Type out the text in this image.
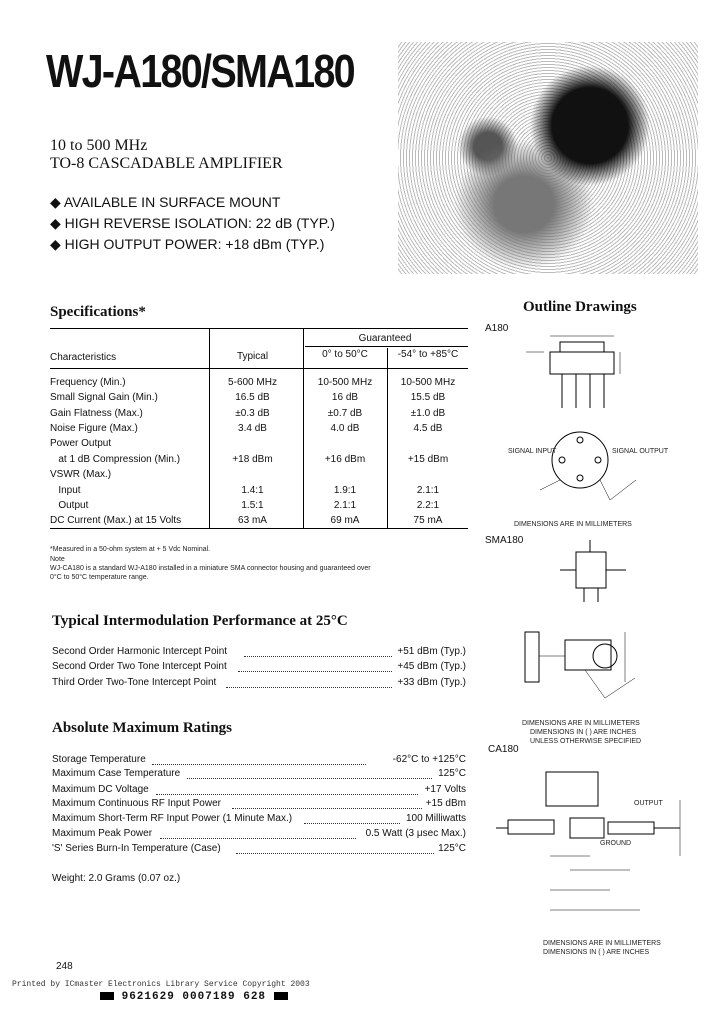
WJ-A180/SMA180
10 to 500 MHz
TO-8 CASCADABLE AMPLIFIER
◆ AVAILABLE IN SURFACE MOUNT
◆ HIGH REVERSE ISOLATION: 22 dB (TYP.)
◆ HIGH OUTPUT POWER: +18 dBm (TYP.)
Specifications*
Guaranteed
Characteristics	Typical	0° to 50°C	-54° to +85°C
Frequency (Min.)	5-600 MHz	10-500 MHz	10-500 MHz
Small Signal Gain (Min.)	16.5 dB	16 dB	15.5 dB
Gain Flatness (Max.)	±0.3 dB	±0.7 dB	±1.0 dB
Noise Figure (Max.)	3.4 dB	4.0 dB	4.5 dB
Power Output
at 1 dB Compression (Min.)	+18 dBm	+16 dBm	+15 dBm
VSWR (Max.)
Input	1.4:1	1.9:1	2.1:1
Output	1.5:1	2.1:1	2.2:1
DC Current (Max.) at 15 Volts	63 mA	69 mA	75 mA
*Measured in a 50-ohm system at + 5 Vdc Nominal.
Note
WJ-CA180 is a standard WJ-A180 installed in a miniature SMA connector housing and guaranteed over
0°C to 50°C temperature range.
Typical Intermodulation Performance at 25°C
Second Order Harmonic Intercept Point	+51 dBm (Typ.)
Second Order Two Tone Intercept Point	+45 dBm (Typ.)
Third Order Two-Tone Intercept Point	+33 dBm (Typ.)
Absolute Maximum Ratings
Storage Temperature	-62°C to +125°C
Maximum Case Temperature	125°C
Maximum DC Voltage	+17 Volts
Maximum Continuous RF Input Power	+15 dBm
Maximum Short-Term RF Input Power (1 Minute Max.)	100 Milliwatts
Maximum Peak Power	0.5 Watt (3 μsec Max.)
'S' Series Burn-In Temperature (Case)	125°C
Weight: 2.0 Grams (0.07 oz.)
Outline Drawings
A180
SMA180
CA180
SIGNAL INPUT	SIGNAL OUTPUT
DIMENSIONS ARE IN MILLIMETERS
DIMENSIONS ARE IN MILLIMETERS
DIMENSIONS IN ( ) ARE INCHES
UNLESS OTHERWISE SPECIFIED
OUTPUT
GROUND
DIMENSIONS ARE IN MILLIMETERS
DIMENSIONS IN ( ) ARE INCHES
248
Printed by ICmaster Electronics Library Service Copyright 2003
9621629 0007189 628
